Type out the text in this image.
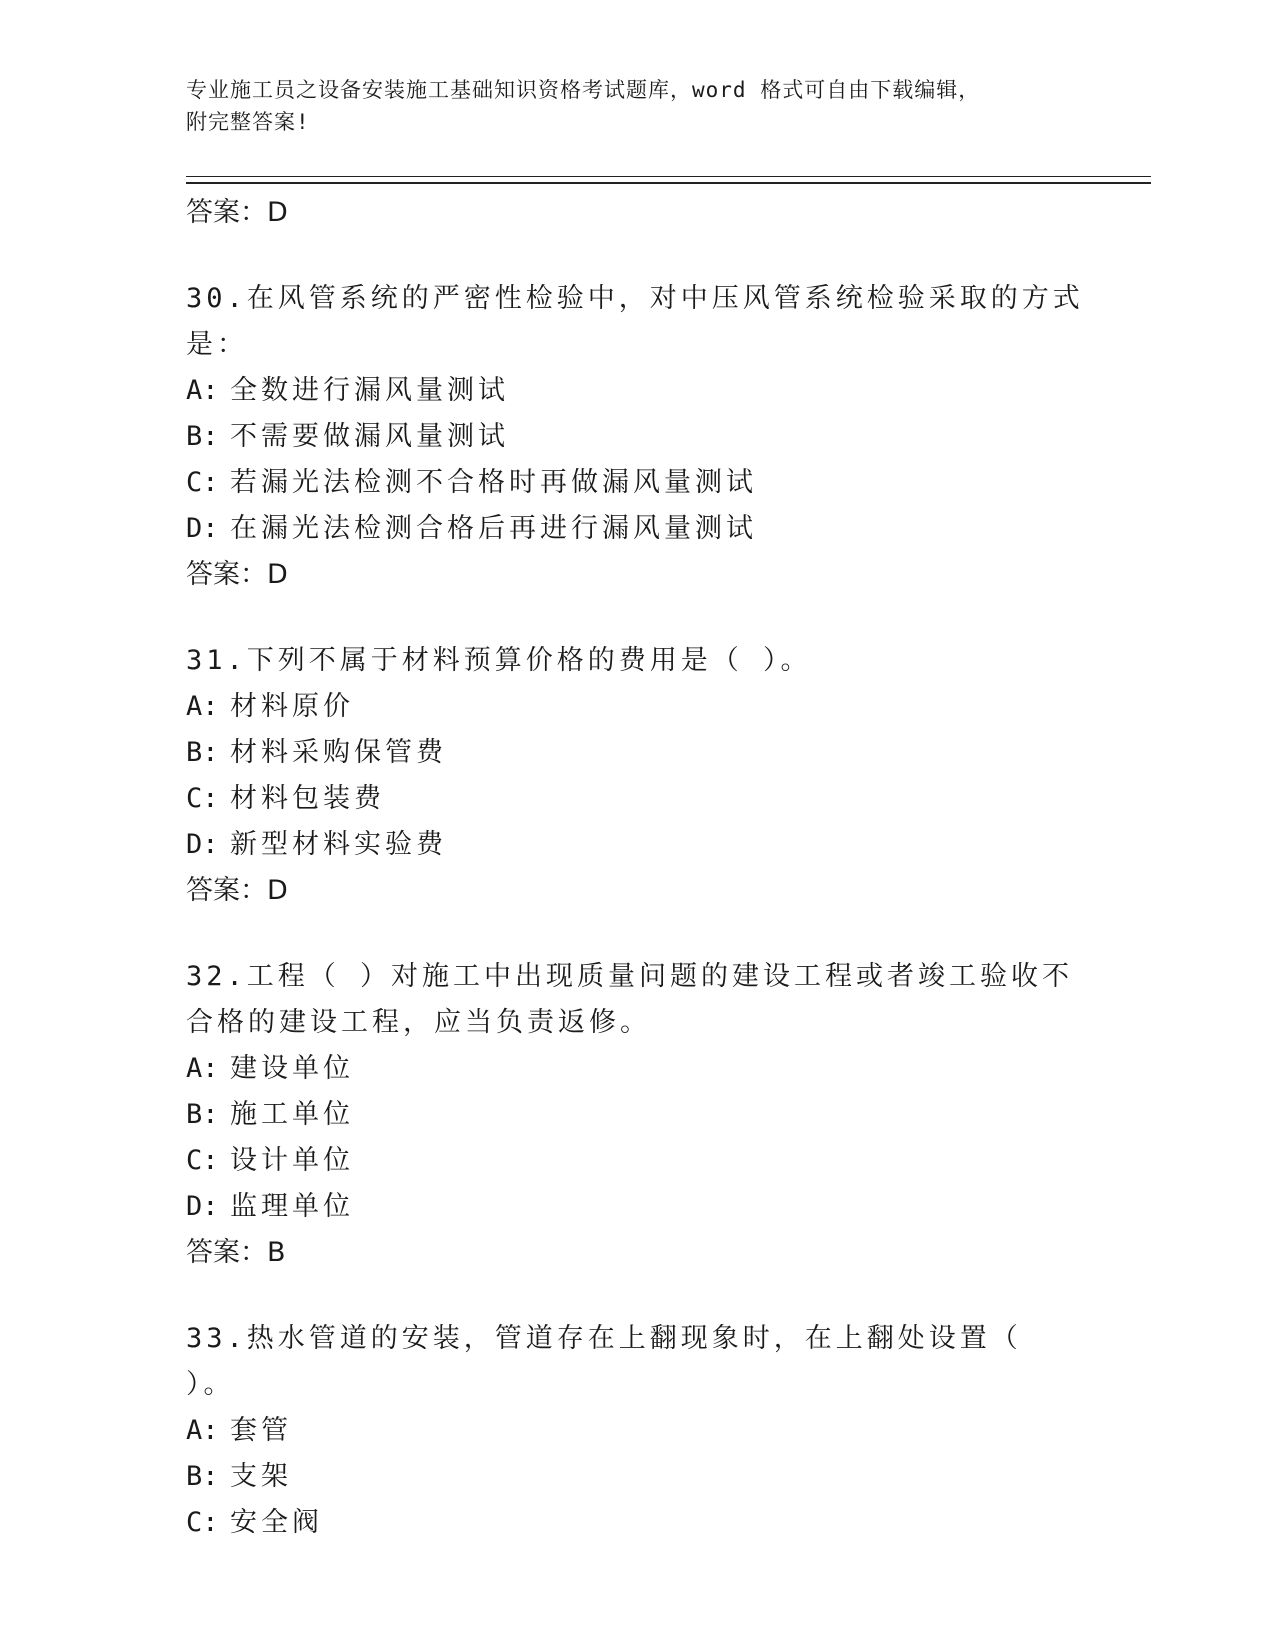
专业施工员之设备安装施工基础知识资格考试题库，word 格式可自由下载编辑，
附完整答案!
答案：D
30.在风管系统的严密性检验中，对中压风管系统检验采取的方式是：
A: 全数进行漏风量测试
B: 不需要做漏风量测试
C: 若漏光法检测不合格时再做漏风量测试
D: 在漏光法检测合格后再进行漏风量测试
答案：D
31.下列不属于材料预算价格的费用是（ ）。
A: 材料原价
B: 材料采购保管费
C: 材料包装费
D: 新型材料实验费
答案：D
32.工程（ ）对施工中出现质量问题的建设工程或者竣工验收不合格的建设工程，应当负责返修。
A: 建设单位
B: 施工单位
C: 设计单位
D: 监理单位
答案：B
33.热水管道的安装，管道存在上翻现象时，在上翻处设置（ ）。
A: 套管
B: 支架
C: 安全阀
